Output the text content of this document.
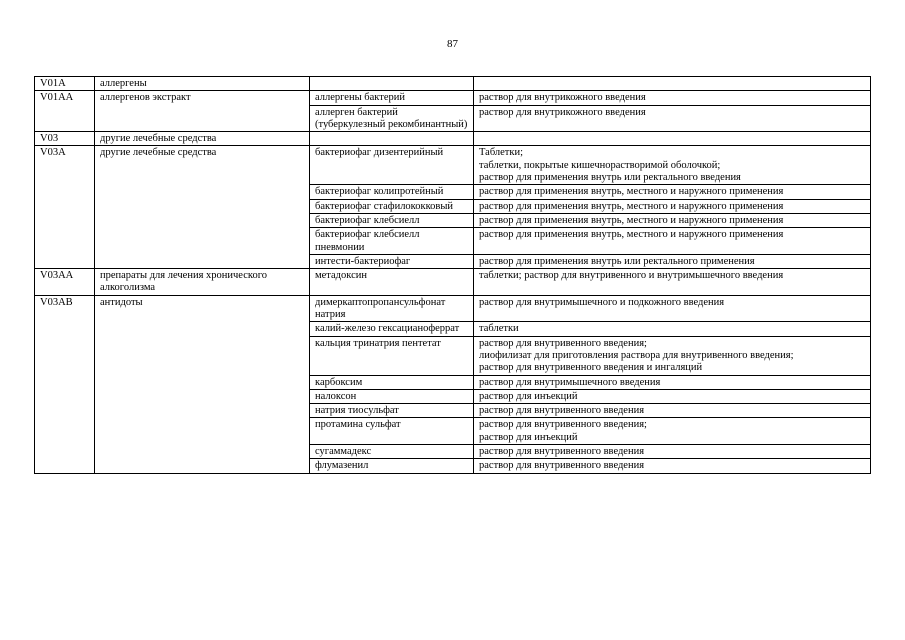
87
V01A	аллергены		

V01AA	аллергенов экстракт	аллергены бактерий	раствор для внутрикожного введения

		аллерген бактерий (туберкулезный рекомбинантный)	раствор для внутрикожного введения

V03	другие лечебные средства		

V03A	другие лечебные средства	бактериофаг дизентерийный	Таблетки;
таблетки, покрытые кишечнорастворимой оболочкой;
раствор для применения внутрь или ректального введения

		бактериофаг колипротейный	раствор для применения внутрь, местного и наружного применения

		бактериофаг стафилококковый	раствор для применения внутрь, местного и наружного применения

		бактериофаг клебсиелл	раствор для применения внутрь, местного и наружного применения

		бактериофаг клебсиелл пневмонии	раствор для применения внутрь, местного и наружного применения

		интести-бактериофаг	раствор для применения внутрь или ректального применения

V03AA	препараты для лечения хронического алкоголизма	метадоксин	таблетки; раствор для внутривенного и внутримышечного введения

V03AB	антидоты	димеркаптопропансульфонат натрия	раствор для внутримышечного и подкожного введения

		калий-железо гексацианоферрат	таблетки

		кальция тринатрия пентетат	раствор для внутривенного введения;
лиофилизат для приготовления раствора для внутривенного введения;
раствор для внутривенного введения и ингаляций

		карбоксим	раствор для внутримышечного введения

		налоксон	раствор для инъекций

		натрия тиосульфат	раствор для внутривенного введения

		протамина сульфат	раствор для внутривенного введения;
раствор для инъекций

		сугаммадекс	раствор для внутривенного введения

		флумазенил	раствор для внутривенного введения
